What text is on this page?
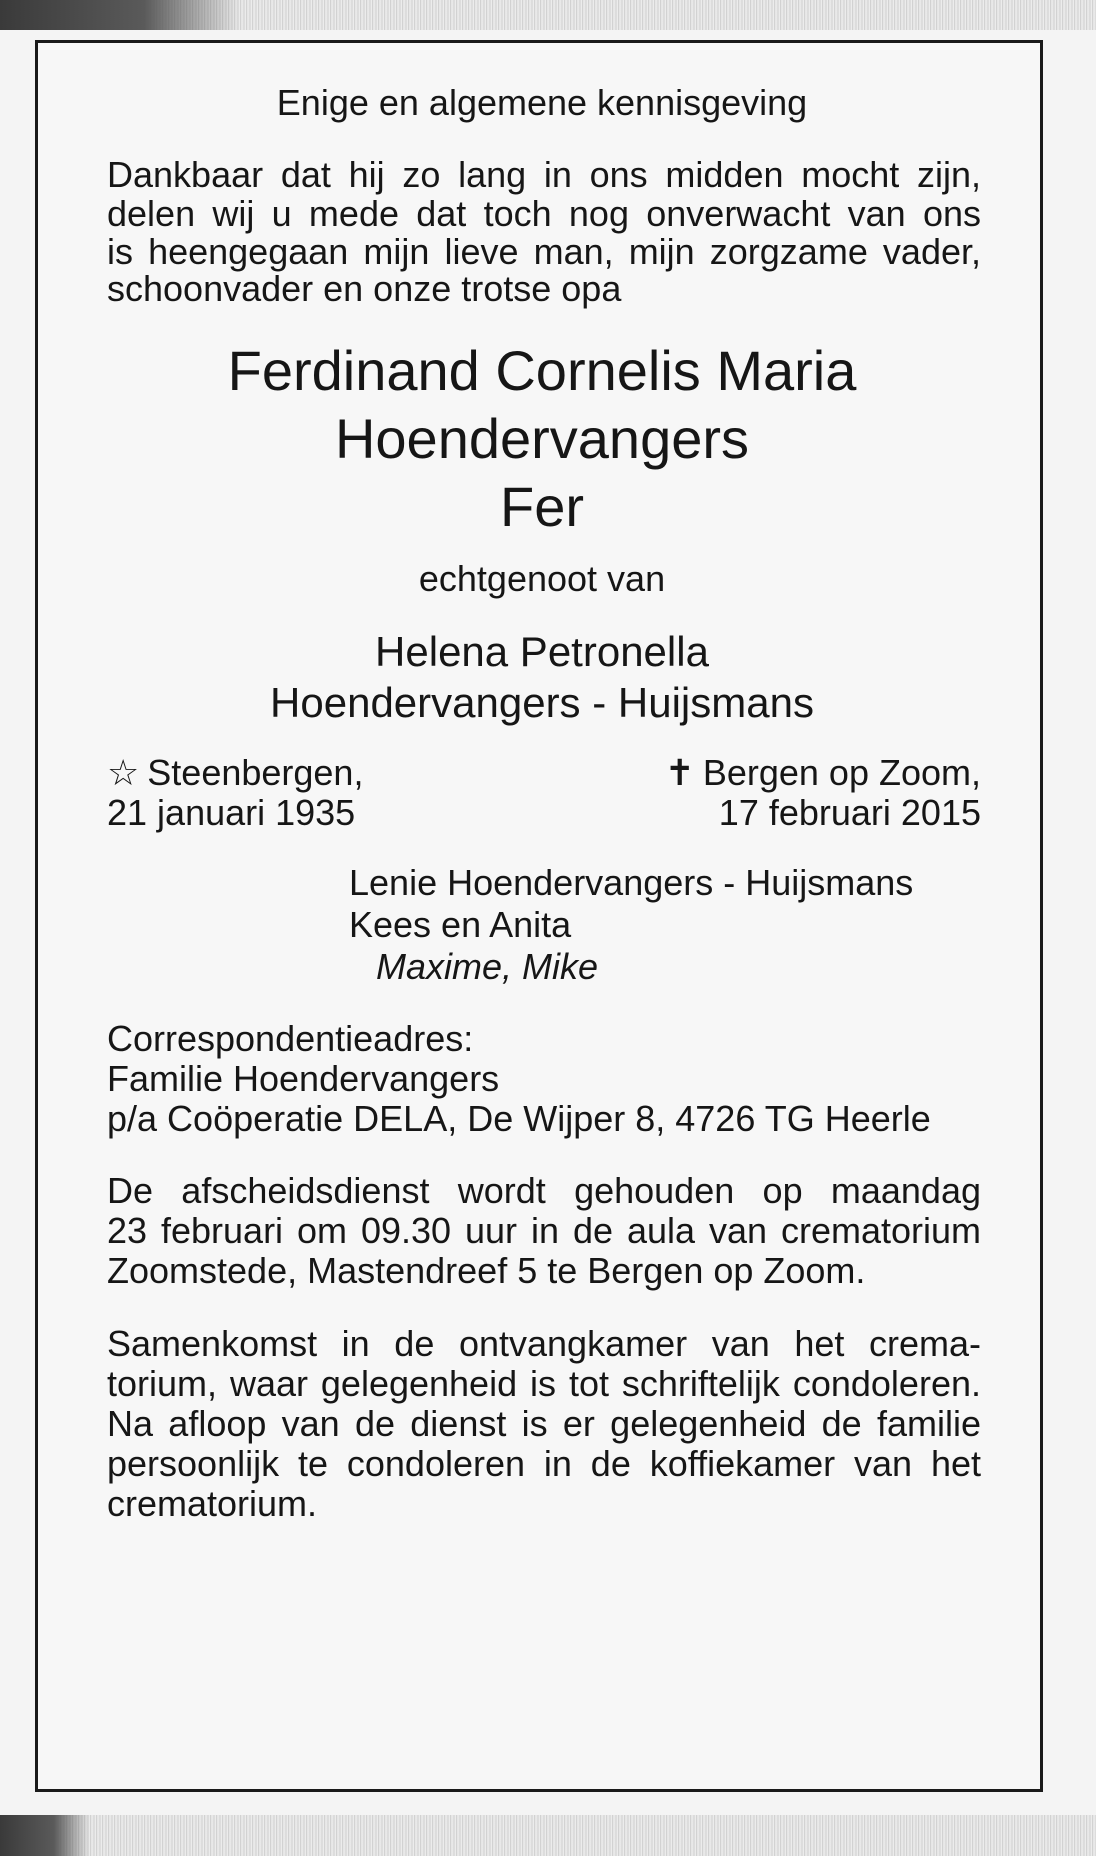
Enige en algemene kennisgeving

Dankbaar dat hij zo lang in ons midden mocht zijn,

delen wij u mede dat toch nog onverwacht van ons

is heengegaan mijn lieve man, mijn zorgzame vader,

schoonvader en onze trotse opa

Ferdinand Cornelis Maria

Hoendervangers

Fer

echtgenoot van

Helena Petronella

Hoendervangers - Huijsmans

☆ Steenbergen,
21 januari 1935
✝ Bergen op Zoom,
17 februari 2015

Lenie Hoendervangers - Huijsmans

Kees en Anita

Maxime, Mike

Correspondentieadres:

Familie Hoendervangers

p/a Coöperatie DELA, De Wijper 8, 4726 TG Heerle

De afscheidsdienst wordt gehouden op maandag

23 februari om 09.30 uur in de aula van crematorium

Zoomstede, Mastendreef 5 te Bergen op Zoom.

Samenkomst in de ontvangkamer van het crema-

torium, waar gelegenheid is tot schriftelijk condoleren.

Na afloop van de dienst is er gelegenheid de familie

persoonlijk te condoleren in de koffiekamer van het

crematorium.
